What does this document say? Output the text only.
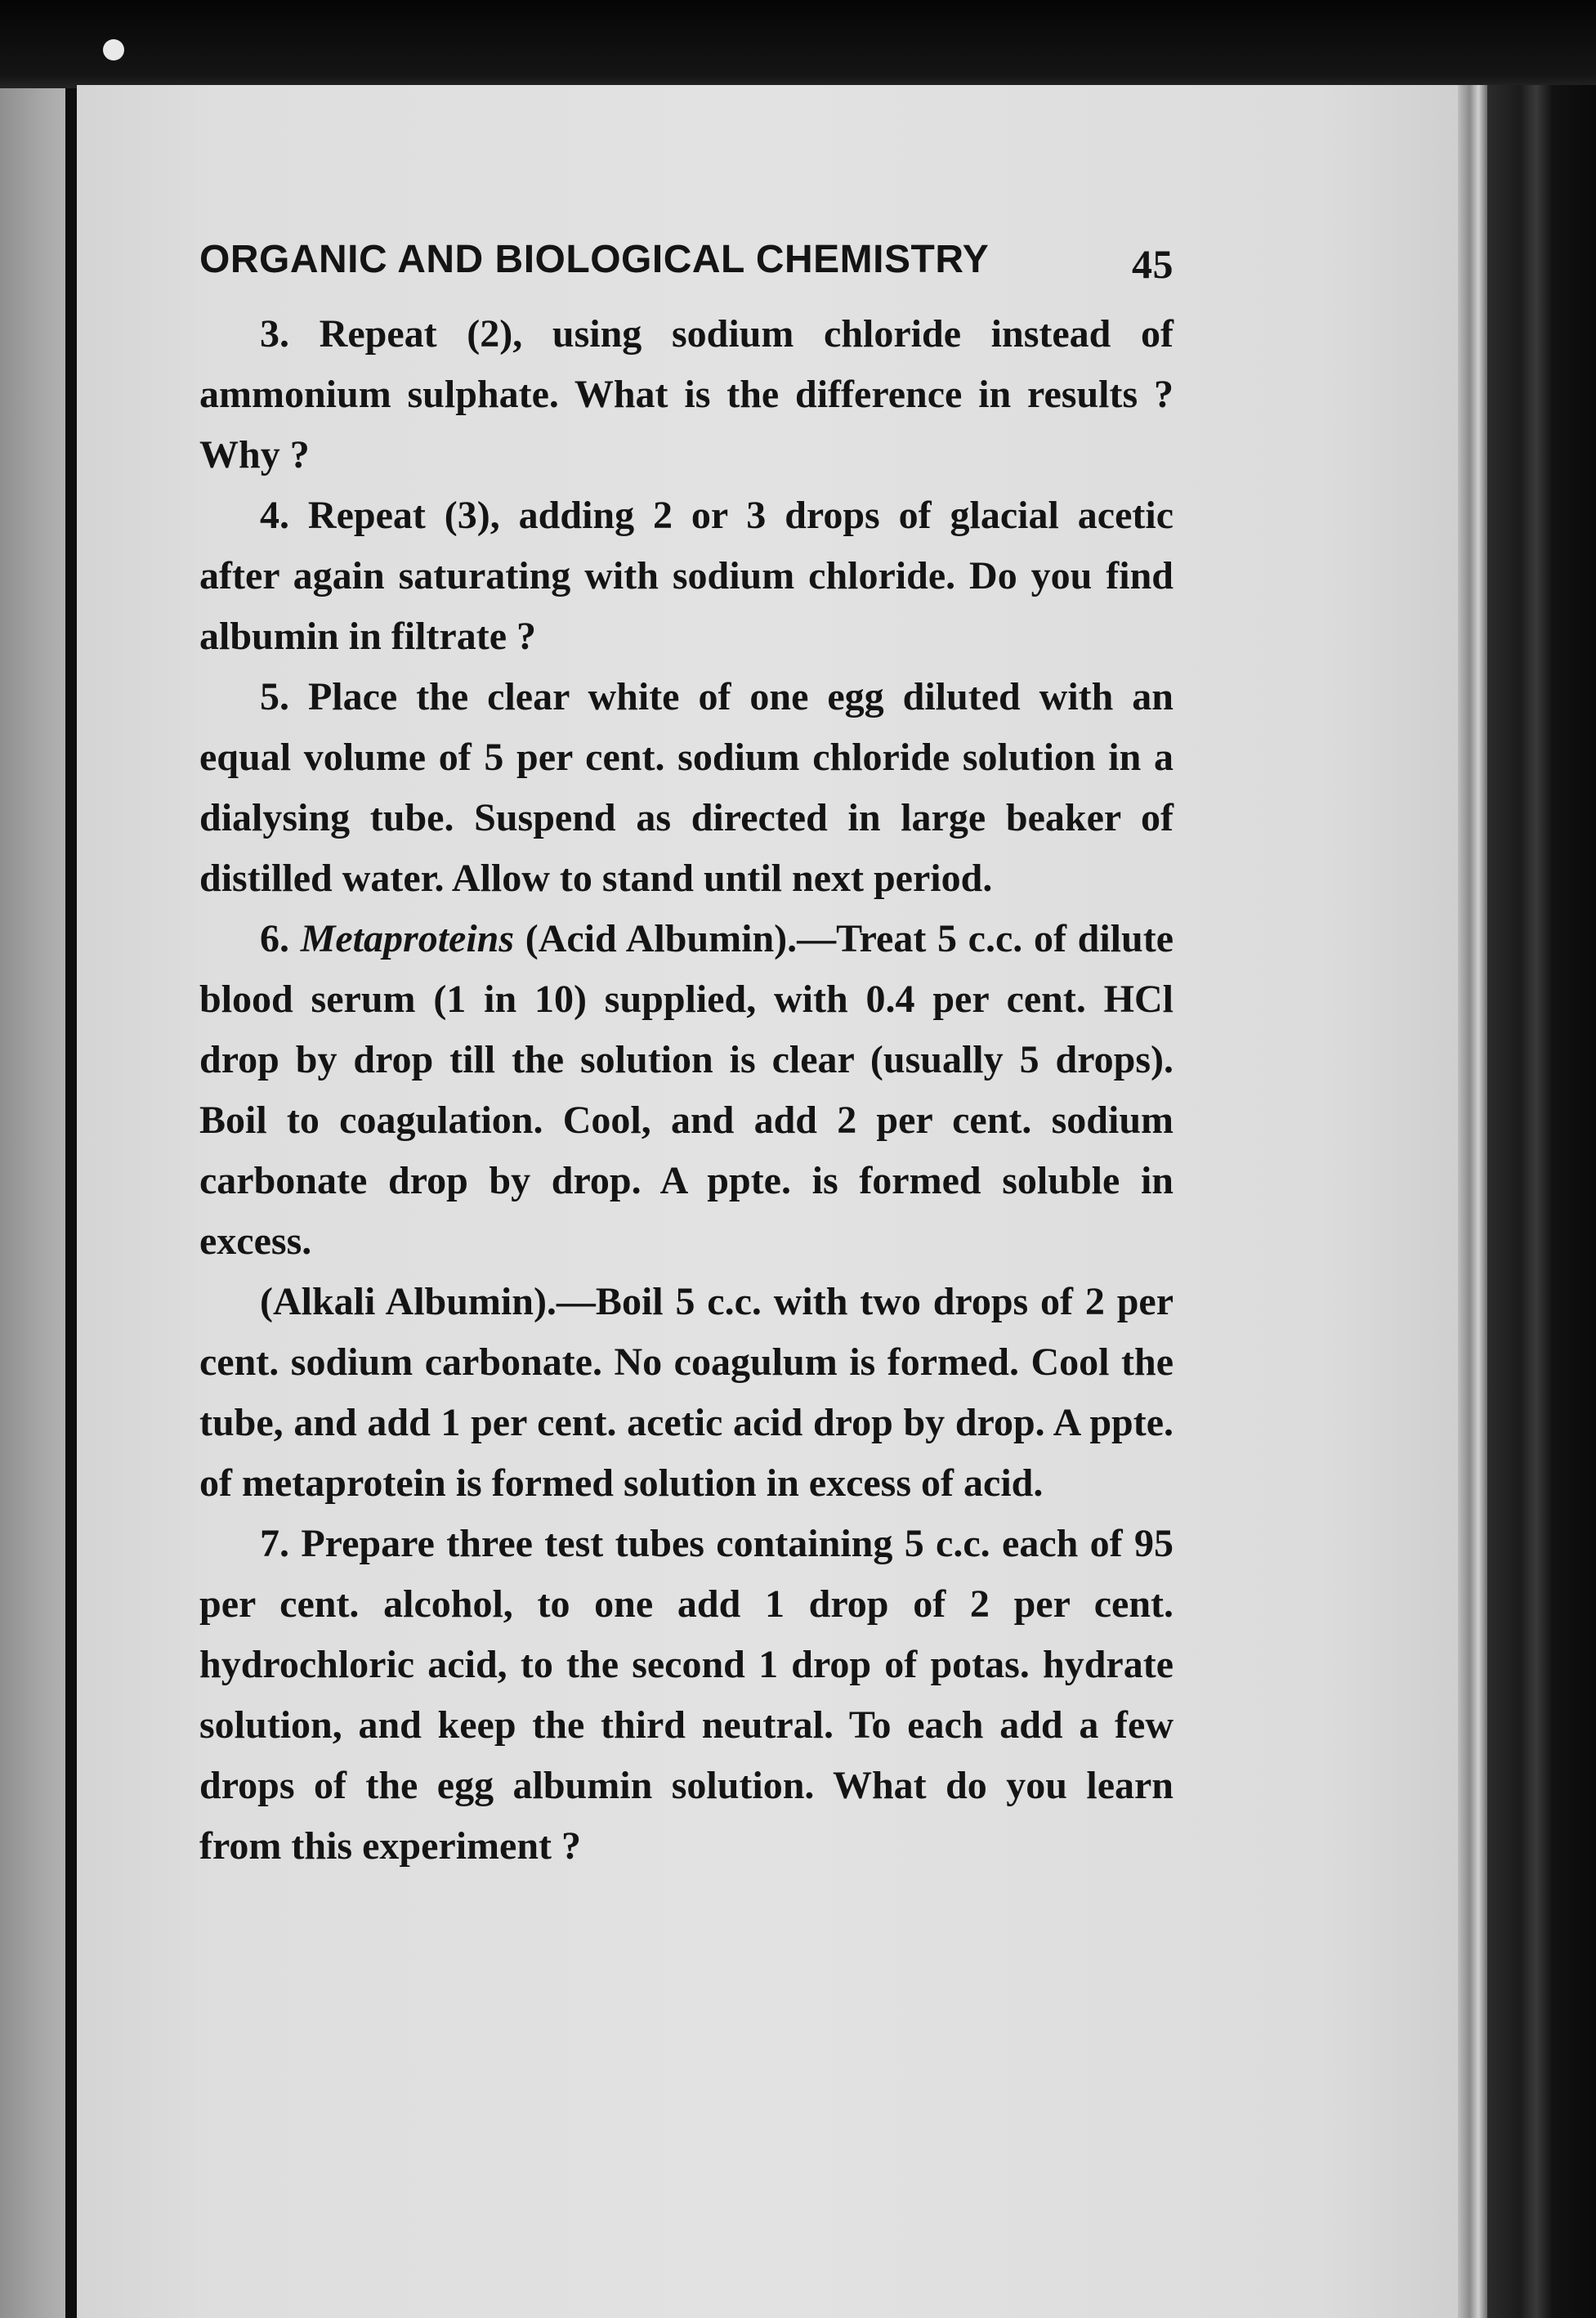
ORGANIC AND BIOLOGICAL CHEMISTRY	45

3. Repeat (2), using sodium chloride instead of ammonium sulphate. What is the difference in results ? Why ?

4. Repeat (3), adding 2 or 3 drops of glacial acetic after again saturating with sodium chloride. Do you find albumin in filtrate ?

5. Place the clear white of one egg diluted with an equal volume of 5 per cent. sodium chloride solution in a dialysing tube. Suspend as directed in large beaker of distilled water. Allow to stand until next period.

6. Metaproteins (Acid Albumin).—Treat 5 c.c. of dilute blood serum (1 in 10) supplied, with 0.4 per cent. HCl drop by drop till the solution is clear (usually 5 drops). Boil to coagulation. Cool, and add 2 per cent. sodium carbonate drop by drop. A ppte. is formed soluble in excess.

(Alkali Albumin).—Boil 5 c.c. with two drops of 2 per cent. sodium carbonate. No coagulum is formed. Cool the tube, and add 1 per cent. acetic acid drop by drop. A ppte. of metaprotein is formed solution in excess of acid.

7. Prepare three test tubes containing 5 c.c. each of 95 per cent. alcohol, to one add 1 drop of 2 per cent. hydrochloric acid, to the second 1 drop of potas. hydrate solution, and keep the third neutral. To each add a few drops of the egg albumin solution. What do you learn from this experiment ?
